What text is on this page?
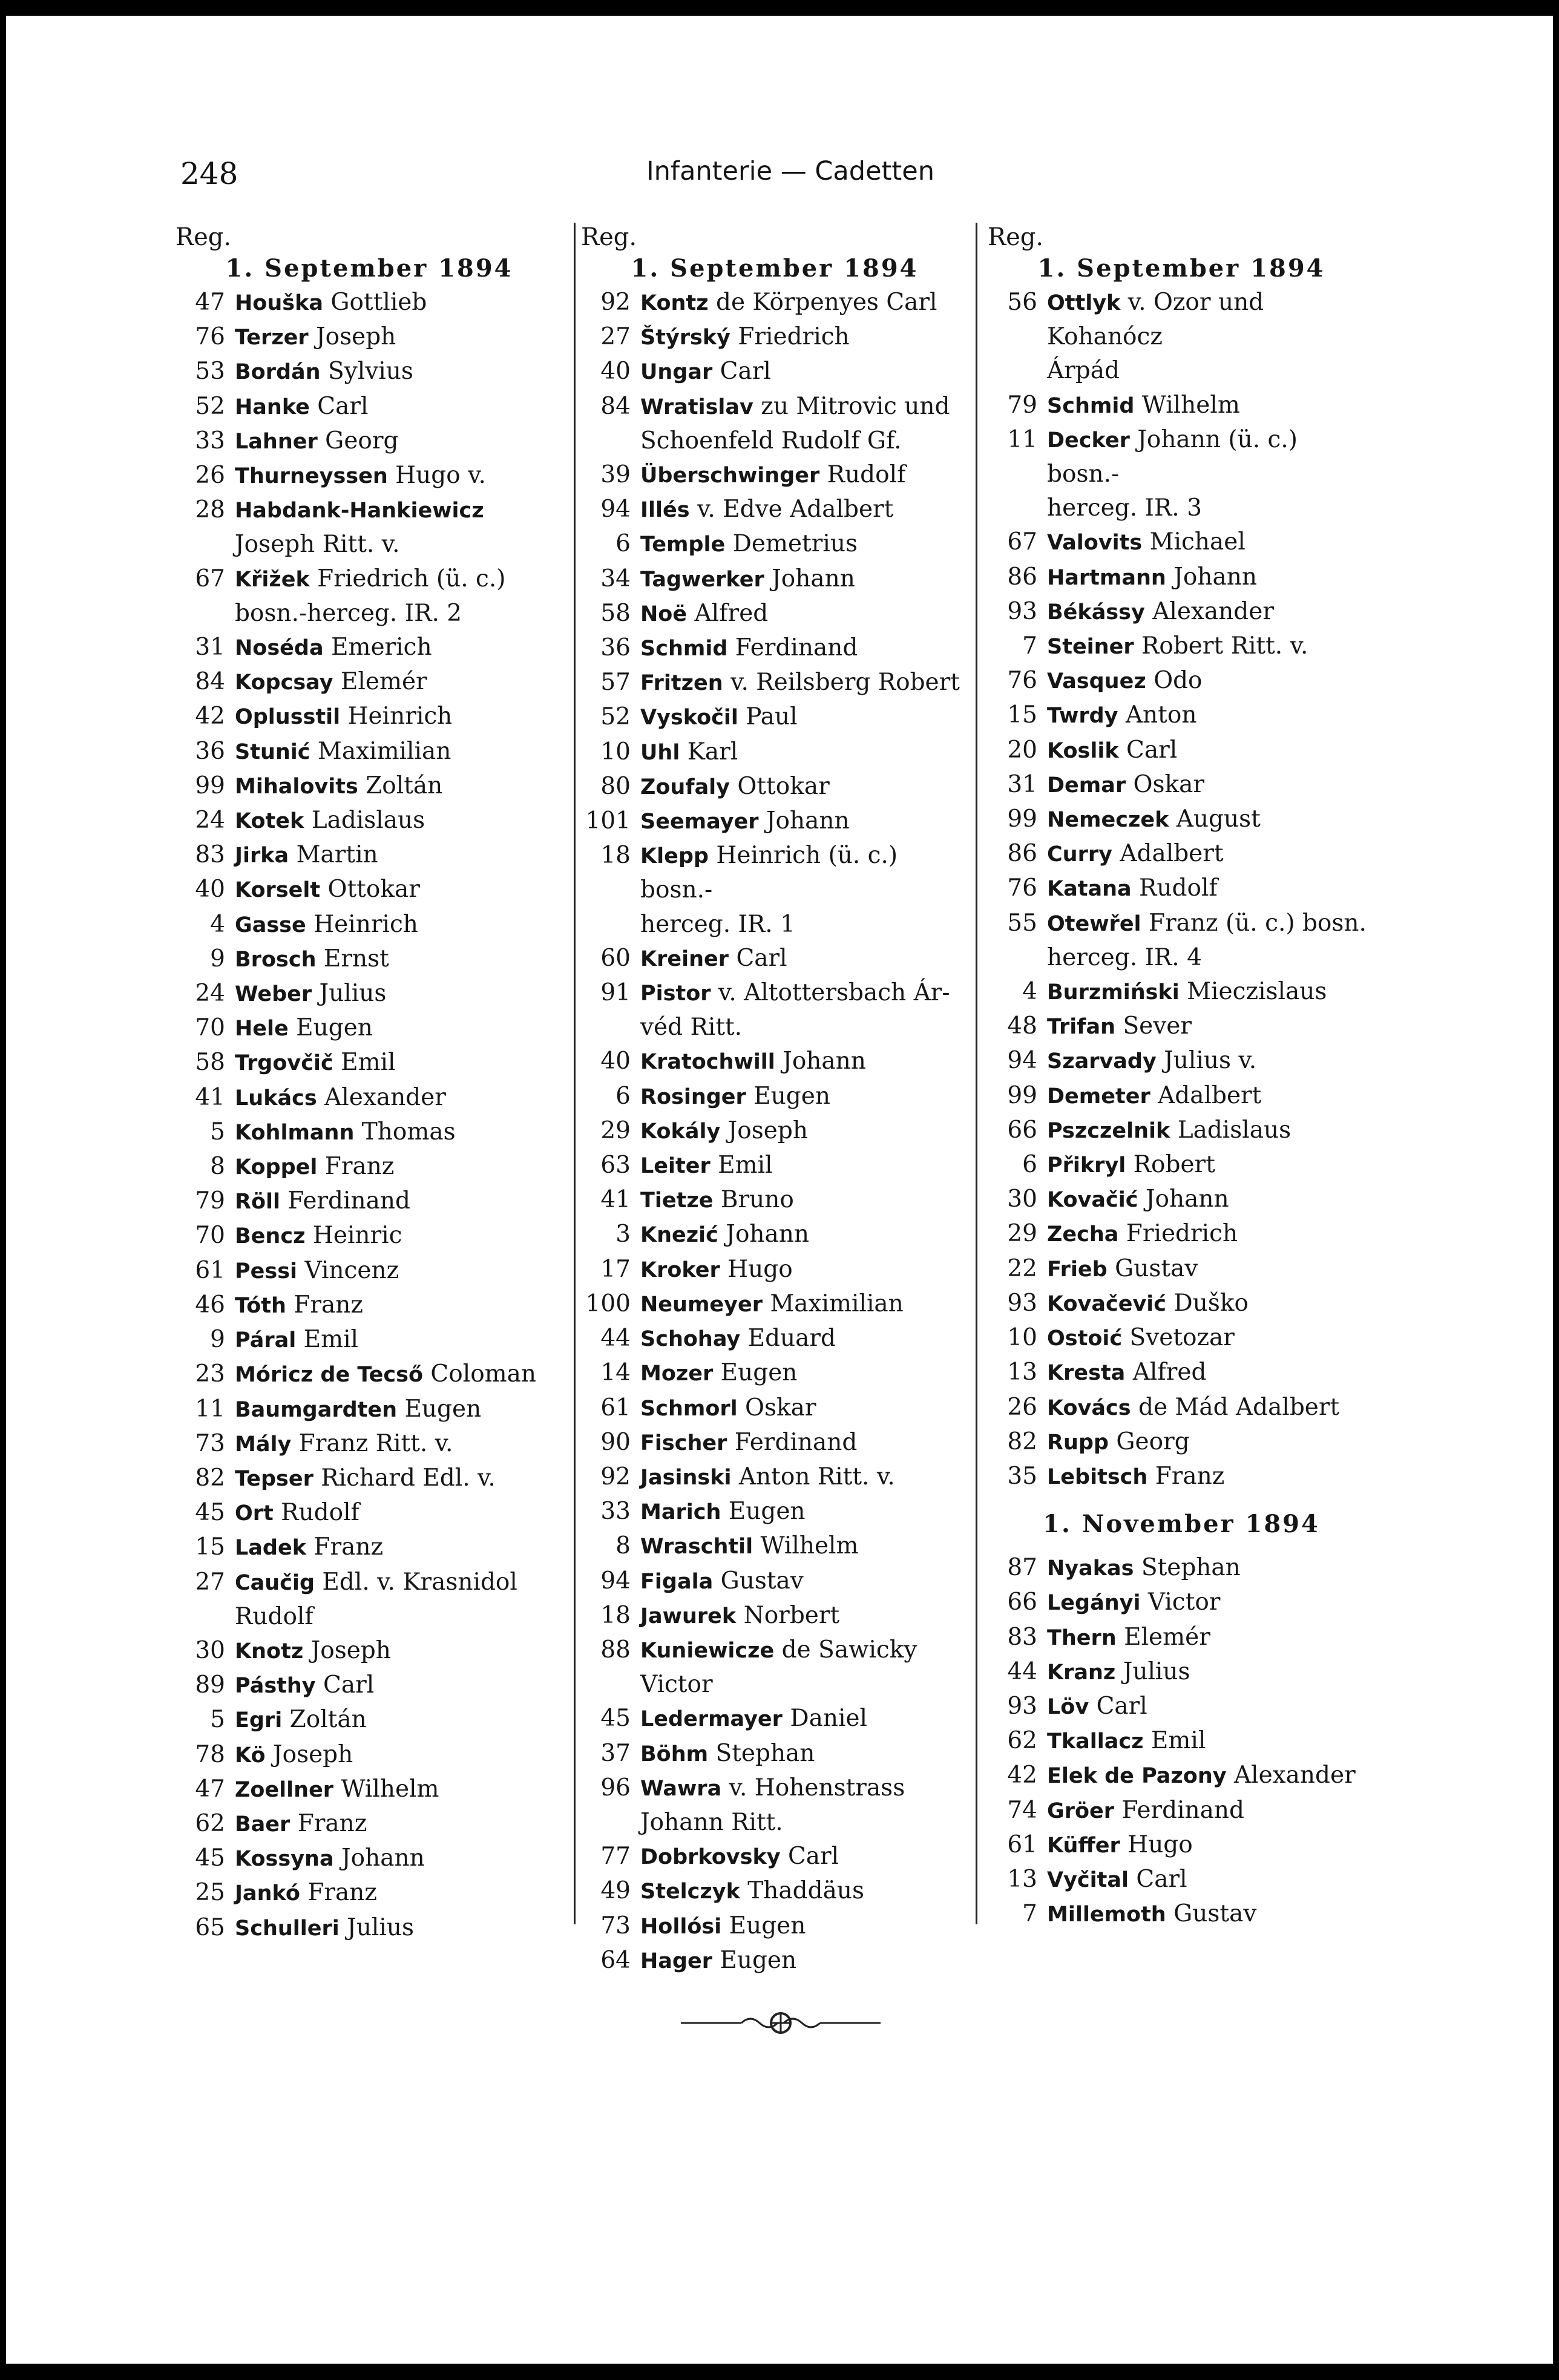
248	Infanterie — Cadetten
Reg.
1. September 1894
47 Houška Gottlieb
76 Terzer Joseph
53 Bordán Sylvius
52 Hanke Carl
33 Lahner Georg
26 Thurneyssen Hugo v.
28 Habdank-Hankiewicz
Joseph Ritt. v.
67 Křižek Friedrich (ü. c.)
bosn.-herceg. IR. 2
31 Noséda Emerich
84 Kopcsay Elemér
42 Oplusstil Heinrich
36 Stunić Maximilian
99 Mihalovits Zoltán
24 Kotek Ladislaus
83 Jirka Martin
40 Korselt Ottokar
4 Gasse Heinrich
9 Brosch Ernst
24 Weber Julius
70 Hele Eugen
58 Trgovčič Emil
41 Lukács Alexander
5 Kohlmann Thomas
8 Koppel Franz
79 Röll Ferdinand
70 Bencz Heinric
61 Pessi Vincenz
46 Tóth Franz
9 Páral Emil
23 Móricz de Tecső Coloman
11 Baumgardten Eugen
73 Mály Franz Ritt. v.
82 Tepser Richard Edl. v.
45 Ort Rudolf
15 Ladek Franz
27 Caučig Edl. v. Krasnidol
Rudolf
30 Knotz Joseph
89 Pásthy Carl
5 Egri Zoltán
78 Kö Joseph
47 Zoellner Wilhelm
62 Baer Franz
45 Kossyna Johann
25 Jankó Franz
65 Schulleri Julius
Reg.
1. September 1894
92 Kontz de Körpenyes Carl
27 Štýrský Friedrich
40 Ungar Carl
84 Wratislav zu Mitrovic und
Schoenfeld Rudolf Gf.
39 Überschwinger Rudolf
94 Illés v. Edve Adalbert
6 Temple Demetrius
34 Tagwerker Johann
58 Noë Alfred
36 Schmid Ferdinand
57 Fritzen v. Reilsberg Robert
52 Vyskočil Paul
10 Uhl Karl
80 Zoufaly Ottokar
101 Seemayer Johann
18 Klepp Heinrich (ü. c.) bosn.-
herceg. IR. 1
60 Kreiner Carl
91 Pistor v. Altottersbach Ár-
véd Ritt.
40 Kratochwill Johann
6 Rosinger Eugen
29 Kokály Joseph
63 Leiter Emil
41 Tietze Bruno
3 Knezić Johann
17 Kroker Hugo
100 Neumeyer Maximilian
44 Schohay Eduard
14 Mozer Eugen
61 Schmorl Oskar
90 Fischer Ferdinand
92 Jasinski Anton Ritt. v.
33 Marich Eugen
8 Wraschtil Wilhelm
94 Figala Gustav
18 Jawurek Norbert
88 Kuniewicze de Sawicky
Victor
45 Ledermayer Daniel
37 Böhm Stephan
96 Wawra v. Hohenstrass
Johann Ritt.
77 Dobrkovsky Carl
49 Stelczyk Thaddäus
73 Hollósi Eugen
64 Hager Eugen
Reg.
1. September 1894
56 Ottlyk v. Ozor und Kohanócz
Árpád
79 Schmid Wilhelm
11 Decker Johann (ü. c.) bosn.-
herceg. IR. 3
67 Valovits Michael
86 Hartmann Johann
93 Békássy Alexander
7 Steiner Robert Ritt. v.
76 Vasquez Odo
15 Twrdy Anton
20 Koslik Carl
31 Demar Oskar
99 Nemeczek August
86 Curry Adalbert
76 Katana Rudolf
55 Otewřel Franz (ü. c.) bosn.
herceg. IR. 4
4 Burzmiński Mieczislaus
48 Trifan Sever
94 Szarvady Julius v.
99 Demeter Adalbert
66 Pszczelnik Ladislaus
6 Přikryl Robert
30 Kovačić Johann
29 Zecha Friedrich
22 Frieb Gustav
93 Kovačević Duško
10 Ostoić Svetozar
13 Kresta Alfred
26 Kovács de Mád Adalbert
82 Rupp Georg
35 Lebitsch Franz
1. November 1894
87 Nyakas Stephan
66 Legányi Victor
83 Thern Elemér
44 Kranz Julius
93 Löv Carl
62 Tkallacz Emil
42 Elek de Pazony Alexander
74 Gröer Ferdinand
61 Küffer Hugo
13 Vyčital Carl
7 Millemoth Gustav
